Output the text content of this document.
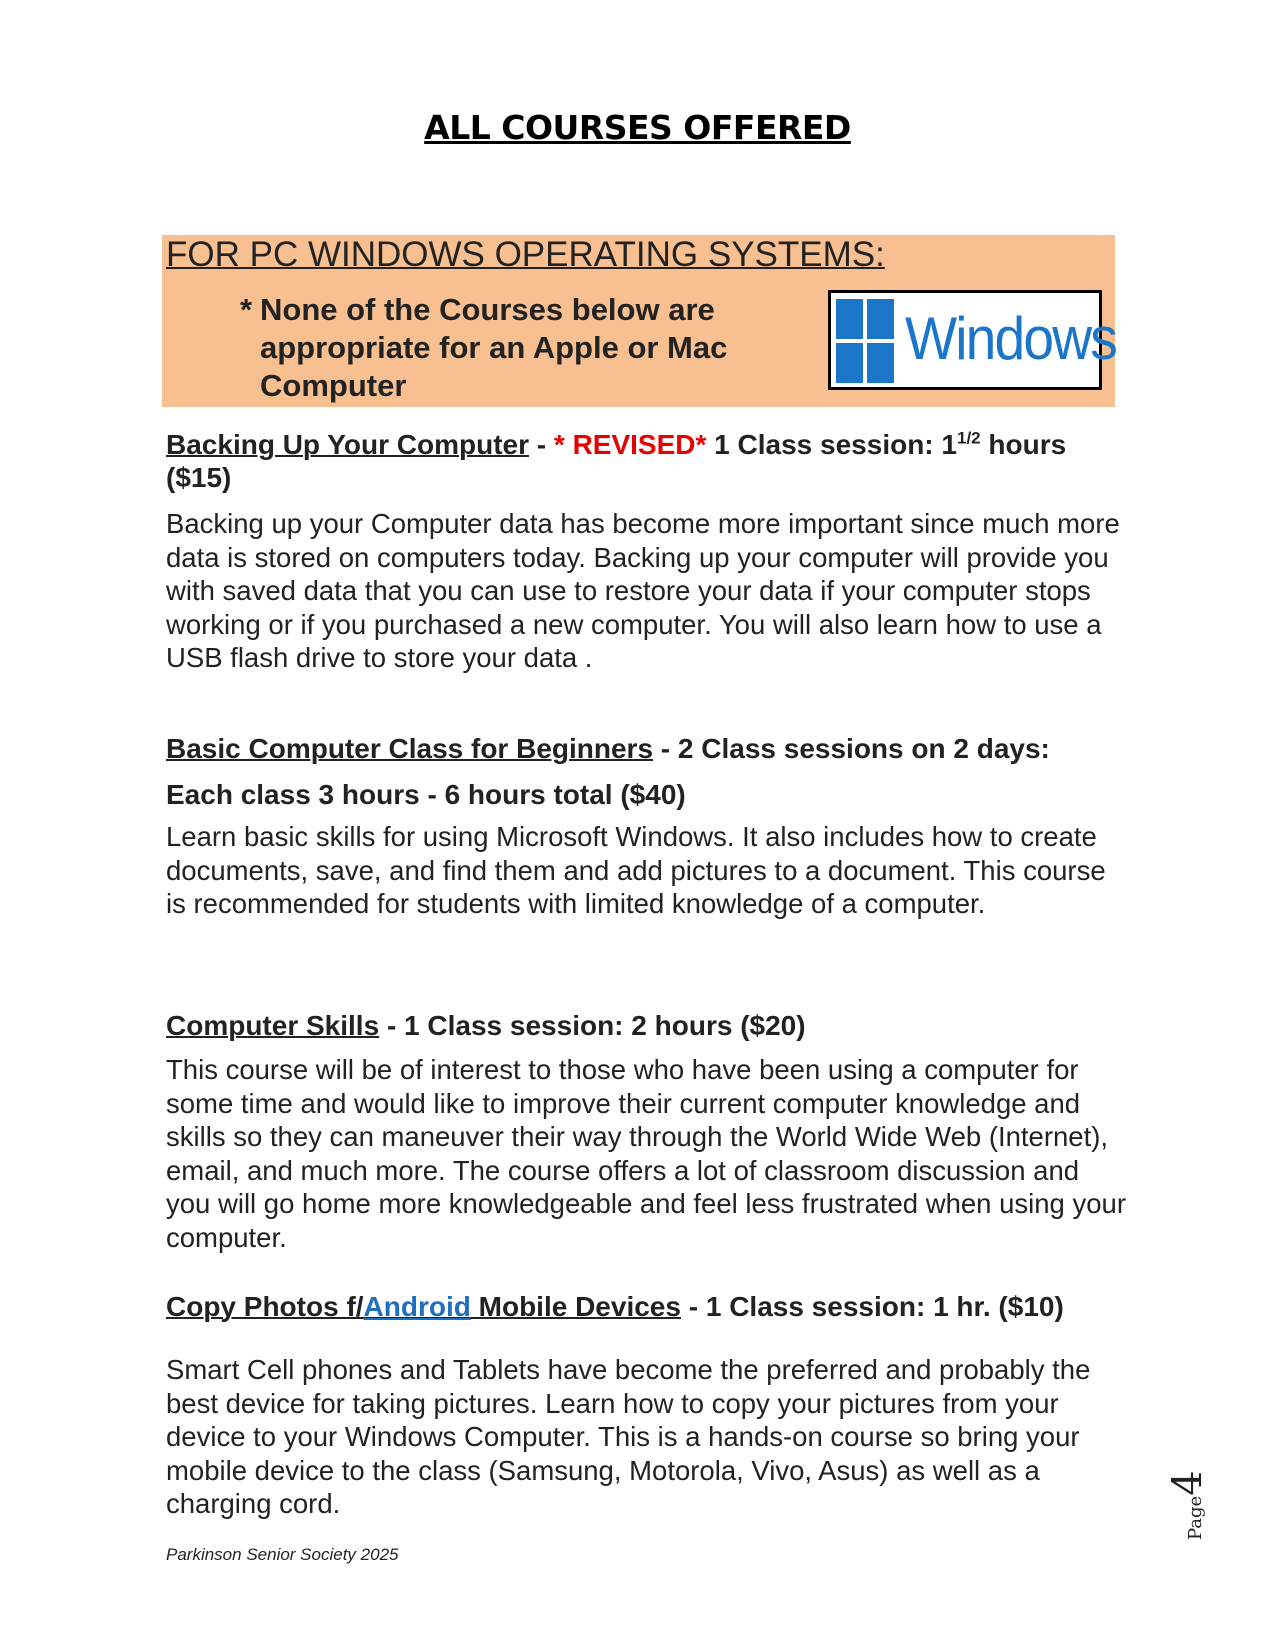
ALL COURSES OFFERED
FOR PC WINDOWS OPERATING SYSTEMS:
* None of the Courses below are appropriate for an Apple or Mac Computer
Windows
Backing Up Your Computer - * REVISED* 1 Class session: $1^{1/2}$ hours ($15)
Backing up your Computer data has become more important since much more data is stored on computers today. Backing up your computer will provide you with saved data that you can use to restore your data if your computer stops working or if you purchased a new computer. You will also learn how to use a USB flash drive to store your data .
Basic Computer Class for Beginners - 2 Class sessions on 2 days:
Each class 3 hours - 6 hours total ($40)
Learn basic skills for using Microsoft Windows. It also includes how to create documents, save, and find them and add pictures to a document. This course is recommended for students with limited knowledge of a computer.
Computer Skills - 1 Class session: 2 hours ($20)
This course will be of interest to those who have been using a computer for some time and would like to improve their current computer knowledge and skills so they can maneuver their way through the World Wide Web (Internet), email, and much more. The course offers a lot of classroom discussion and you will go home more knowledgeable and feel less frustrated when using your computer.
Copy Photos f/Android Mobile Devices - 1 Class session: 1 hr. ($10)
Smart Cell phones and Tablets have become the preferred and probably the best device for taking pictures. Learn how to copy your pictures from your device to your Windows Computer. This is a hands-on course so bring your mobile device to the class (Samsung, Motorola, Vivo, Asus) as well as a charging cord.
Parkinson Senior Society 2025
Page4
